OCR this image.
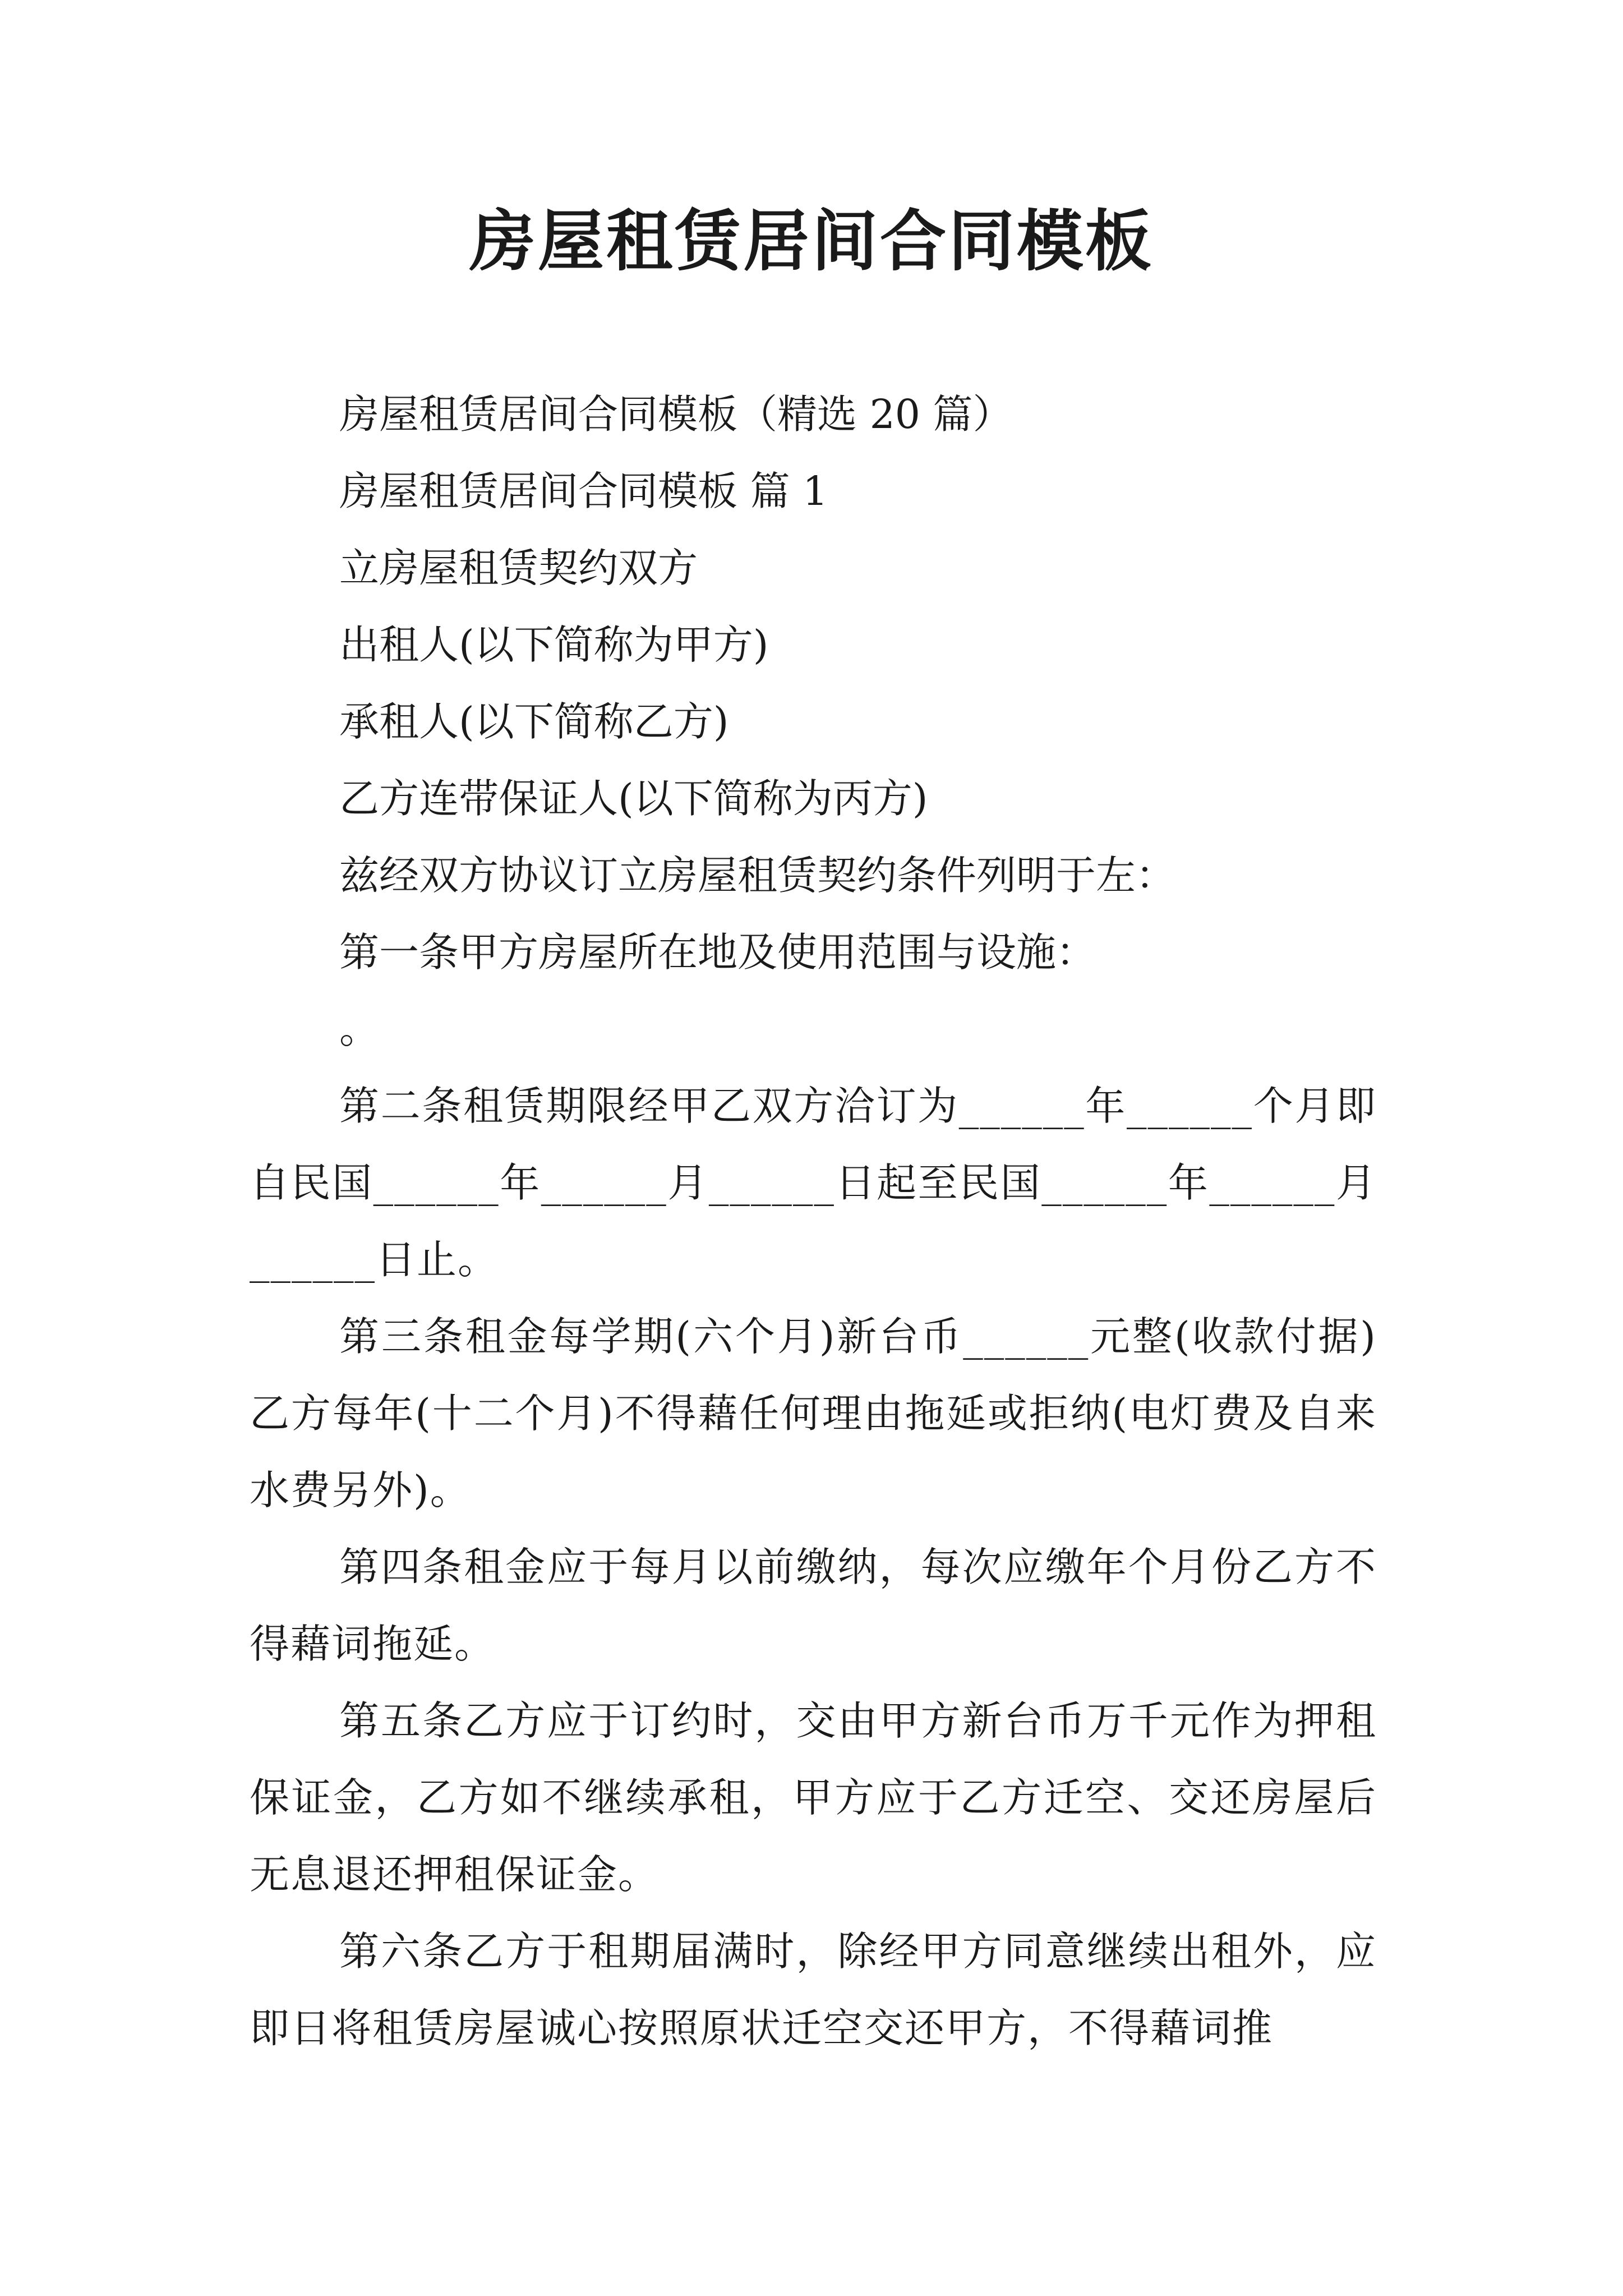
房屋租赁居间合同模板

房屋租赁居间合同模板（精选 20 篇）

房屋租赁居间合同模板 篇 1

立房屋租赁契约双方

出租人(以下简称为甲方)

承租人(以下简称乙方)

乙方连带保证人(以下简称为丙方)

兹经双方协议订立房屋租赁契约条件列明于左：

第一条甲方房屋所在地及使用范围与设施：

。

第二条租赁期限经甲乙双方洽订为______年______个月即自民国______年______月______日起至民国______年______月______日止。

第三条租金每学期(六个月)新台币______元整(收款付据)乙方每年(十二个月)不得藉任何理由拖延或拒纳(电灯费及自来水费另外)。

第四条租金应于每月以前缴纳，每次应缴年个月份乙方不得藉词拖延。

第五条乙方应于订约时，交由甲方新台币万千元作为押租保证金，乙方如不继续承租，甲方应于乙方迁空、交还房屋后无息退还押租保证金。

第六条乙方于租期届满时，除经甲方同意继续出租外，应即日将租赁房屋诚心按照原状迁空交还甲方，不得藉词推
